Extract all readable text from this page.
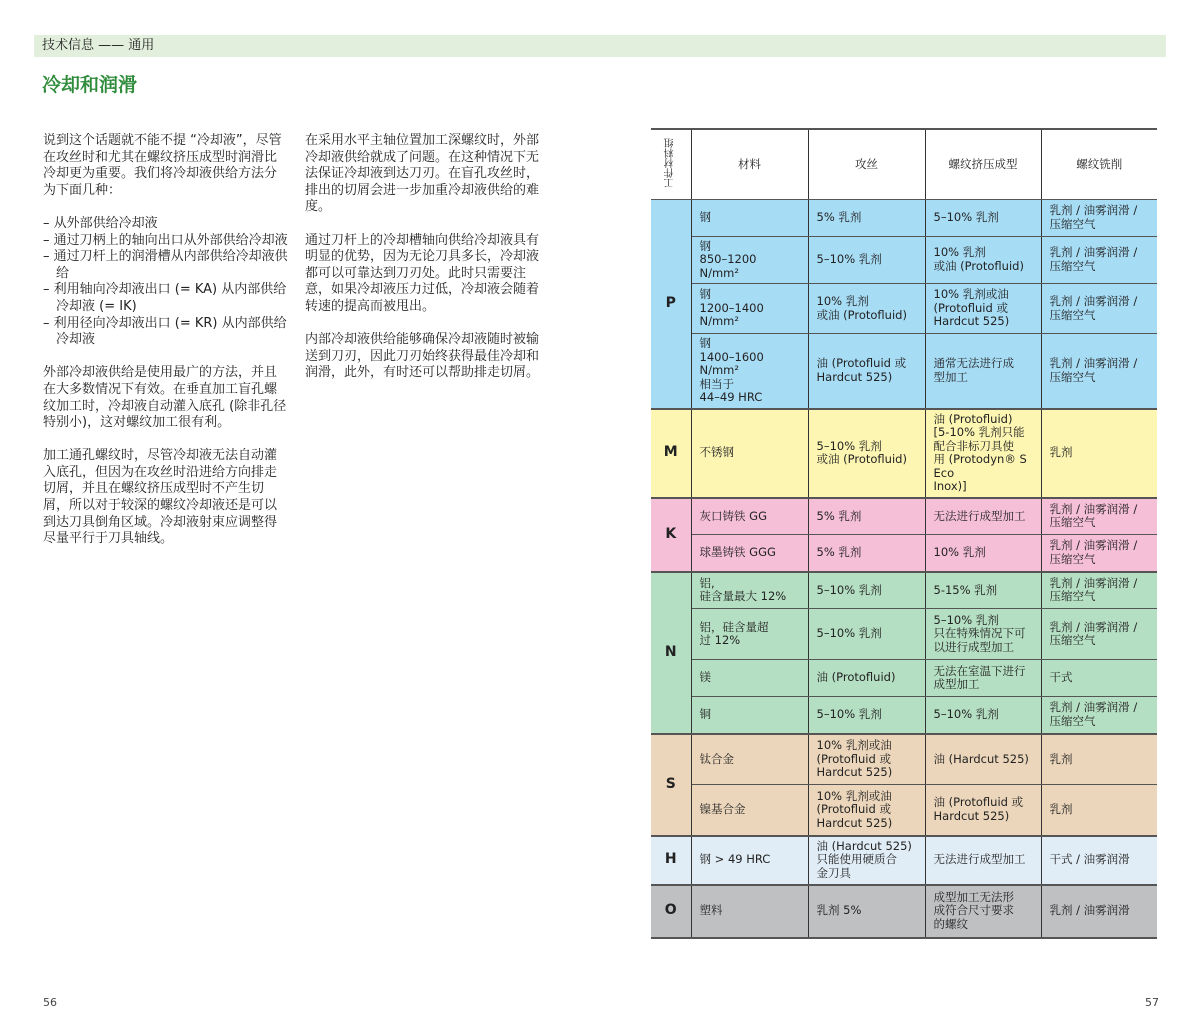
技术信息 —— 通用
冷却和润滑

说到这个话题就不能不提 “冷却液”，尽管在攻丝时和尤其在螺纹挤压成型时润滑比冷却更为重要。我们将冷却液供给方法分为下面几种：

– 从外部供给冷却液
– 通过刀柄上的轴向出口从外部供给冷却液
– 通过刀杆上的润滑槽从内部供给冷却液供给
– 利用轴向冷却液出口 (= KA) 从内部供给冷却液 (= IK)
– 利用径向冷却液出口 (= KR) 从内部供给冷却液

外部冷却液供给是使用最广的方法，并且在大多数情况下有效。在垂直加工盲孔螺纹加工时，冷却液自动灌入底孔 (除非孔径特别小)，这对螺纹加工很有利。

加工通孔螺纹时，尽管冷却液无法自动灌入底孔，但因为在攻丝时沿进给方向排走切屑，并且在螺纹挤压成型时不产生切屑，所以对于较深的螺纹冷却液还是可以到达刀具倒角区域。冷却液射束应调整得尽量平行于刀具轴线。

在采用水平主轴位置加工深螺纹时，外部冷却液供给就成了问题。在这种情况下无法保证冷却液到达刀刃。在盲孔攻丝时，排出的切屑会进一步加重冷却液供给的难度。

通过刀杆上的冷却槽轴向供给冷却液具有明显的优势，因为无论刀具多长，冷却液都可以可靠达到刀刃处。此时只需要注意，如果冷却液压力过低，冷却液会随着转速的提高而被甩出。

内部冷却液供给能够确保冷却液随时被输送到刀刃，因此刀刃始终获得最佳冷却和润滑，此外，有时还可以帮助排走切屑。

工件材料组	材料	攻丝	螺纹挤压成型	螺纹铣削
P	钢	5% 乳剂	5–10% 乳剂	乳剂 / 油雾润滑 /
压缩空气

	钢
850–1200 N/mm²	5–10% 乳剂	10% 乳剂
或油 (Protofluid)	乳剂 / 油雾润滑 /
压缩空气

	钢
1200–1400 N/mm²	10% 乳剂
或油 (Protofluid)	10% 乳剂或油
(Protofluid 或
Hardcut 525)	乳剂 / 油雾润滑 /
压缩空气

	钢
1400–1600 N/mm²
相当于
44–49 HRC	油 (Protofluid 或
Hardcut 525)	通常无法进行成
型加工	乳剂 / 油雾润滑 /
压缩空气

M	不锈钢	5–10% 乳剂
或油 (Protofluid)	油 (Protofluid)
[5-10% 乳剂只能
配合非标刀具使
用 (Protodyn® S Eco
Inox)]	乳剂

K	灰口铸铁 GG	5% 乳剂	无法进行成型加工	乳剂 / 油雾润滑 /
压缩空气

	球墨铸铁 GGG	5% 乳剂	10% 乳剂	乳剂 / 油雾润滑 /
压缩空气

N	铝,
硅含量最大 12%	5–10% 乳剂	5-15% 乳剂	乳剂 / 油雾润滑 /
压缩空气

	铝，硅含量超
过 12%	5–10% 乳剂	5–10% 乳剂
只在特殊情况下可
以进行成型加工	乳剂 / 油雾润滑 /
压缩空气

	镁	油 (Protofluid)	无法在室温下进行
成型加工	干式

	铜	5–10% 乳剂	5–10% 乳剂	乳剂 / 油雾润滑 /
压缩空气

S	钛合金	10% 乳剂或油
(Protofluid 或
Hardcut 525)	油 (Hardcut 525)	乳剂

	镍基合金	10% 乳剂或油
(Protofluid 或
Hardcut 525)	油 (Protofluid 或
Hardcut 525)	乳剂

H	钢 > 49 HRC	油 (Hardcut 525)
只能使用硬质合
金刀具	无法进行成型加工	干式 / 油雾润滑

O	塑料	乳剂 5%	成型加工无法形
成符合尺寸要求
的螺纹	乳剂 / 油雾润滑
56	57
